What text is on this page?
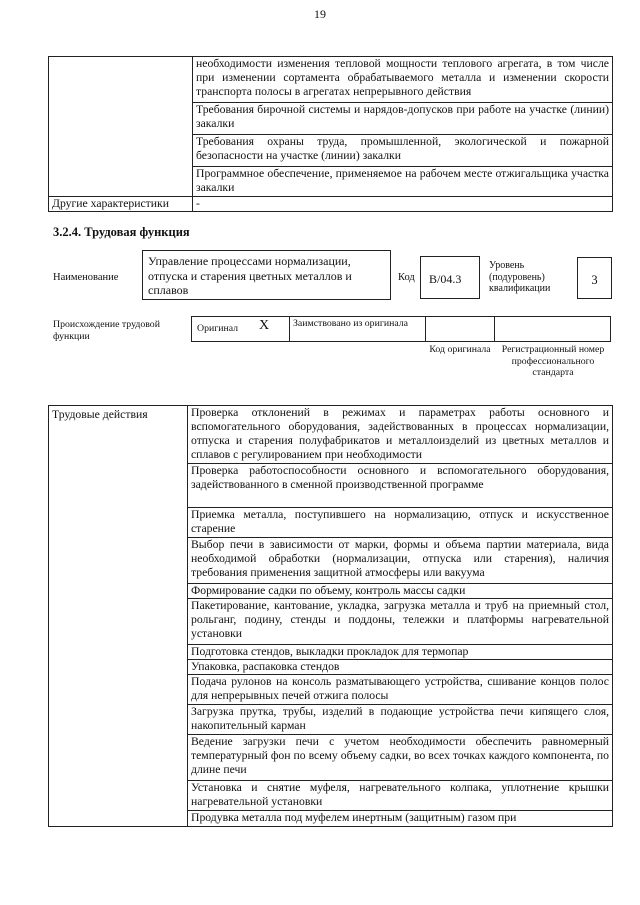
19
	необходимости изменения тепловой мощности теплового агрегата, в том числе при изменении сортамента обрабатываемого металла и изменении скорости транспорта полосы в агрегатах непрерывного действия
	Требования бирочной системы и нарядов-допусков при работе на участке (линии) закалки
	Требования охраны труда, промышленной, экологической и пожарной безопасности на участке (линии) закалки
	Программное обеспечение, применяемое на рабочем месте отжигальщика участка закалки
Другие характеристики	-
3.2.4. Трудовая функция
Наименование
Управление процессами нормализации, отпуска и старения цветных металлов и сплавов
Код	B/04.3
Уровень (подуровень) квалификации
3
Происхождение трудовой функции
Оригинал X Заимствовано из оригинала
Код оригинала	Регистрационный номер профессионального стандарта
Трудовые действия	Проверка отклонений в режимах и параметрах работы основного и вспомогательного оборудования, задействованных в процессах нормализации, отпуска и старения полуфабрикатов и металлоизделий из цветных металлов и сплавов с регулированием при необходимости
Проверка работоспособности основного и вспомогательного оборудования, задействованного в сменной производственной программе
Приемка металла, поступившего на нормализацию, отпуск и искусственное старение
Выбор печи в зависимости от марки, формы и объема партии материала, вида необходимой обработки (нормализации, отпуска или старения), наличия требования применения защитной атмосферы или вакуума
Формирование садки по объему, контроль массы садки
Пакетирование, кантование, укладка, загрузка металла и труб на приемный стол, рольганг, подину, стенды и поддоны, тележки и платформы нагревательной установки
Подготовка стендов, выкладки прокладок для термопар
Упаковка, распаковка стендов
Подача рулонов на консоль разматывающего устройства, сшивание концов полос для непрерывных печей отжига полосы
Загрузка прутка, трубы, изделий в подающие устройства печи кипящего слоя, накопительный карман
Ведение загрузки печи с учетом необходимости обеспечить равномерный температурный фон по всему объему садки, во всех точках каждого компонента, по длине печи
Установка и снятие муфеля, нагревательного колпака, уплотнение крышки нагревательной установки
Продувка металла под муфелем инертным (защитным) газом при
